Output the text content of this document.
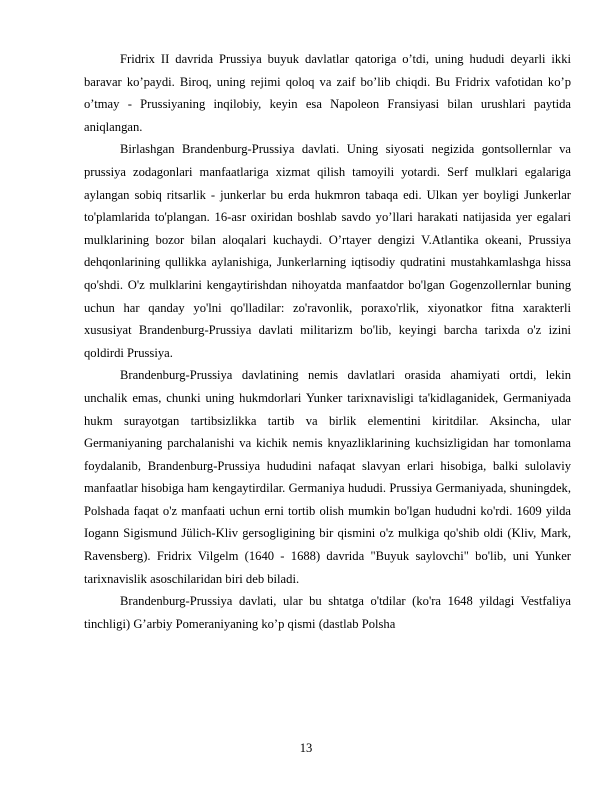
Fridrix II davrida Prussiya buyuk davlatlar qatoriga o’tdi, uning hududi deyarli ikki baravar ko’paydi. Biroq, uning rejimi qoloq va zaif bo’lib chiqdi. Bu Fridrix vafotidan ko’p o’tmay - Prussiyaning inqilobiy, keyin esa Napoleon Fransiyasi bilan urushlari paytida aniqlangan.

Birlashgan Brandenburg-Prussiya davlati. Uning siyosati negizida gontsollernlar va prussiya zodagonlari manfaatlariga xizmat qilish tamoyili yotardi. Serf mulklari egalariga aylangan sobiq ritsarlik - junkerlar bu erda hukmron tabaqa edi. Ulkan yer boyligi Junkerlar to'plamlarida to'plangan. 16-asr oxiridan boshlab savdo yo’llari harakati natijasida yer egalari mulklarining bozor bilan aloqalari kuchaydi. O’rtayer dengizi V.Atlantika okeani, Prussiya dehqonlarining qullikka aylanishiga, Junkerlarning iqtisodiy qudratini mustahkamlashga hissa qo'shdi. O'z mulklarini kengaytirishdan nihoyatda manfaatdor bo'lgan Gogenzollernlar buning uchun har qanday yo'lni qo'lladilar: zo'ravonlik, poraxo'rlik, xiyonatkor fitna xarakterli xususiyat Brandenburg-Prussiya davlati militarizm bo'lib, keyingi barcha tarixda o'z izini qoldirdi Prussiya.

Brandenburg-Prussiya davlatining nemis davlatlari orasida ahamiyati ortdi, lekin unchalik emas, chunki uning hukmdorlari Yunker tarixnavisligi ta'kidlaganidek, Germaniyada hukm surayotgan tartibsizlikka tartib va birlik elementini kiritdilar. Aksincha, ular Germaniyaning parchalanishi va kichik nemis knyazliklarining kuchsizligidan har tomonlama foydalanib, Brandenburg-Prussiya hududini nafaqat slavyan erlari hisobiga, balki sulolaviy manfaatlar hisobiga ham kengaytirdilar. Germaniya hududi. Prussiya Germaniyada, shuningdek, Polshada faqat o'z manfaati uchun erni tortib olish mumkin bo'lgan hududni ko'rdi. 1609 yilda Iogann Sigismund Jülich-Kliv gersogligining bir qismini o'z mulkiga qo'shib oldi (Kliv, Mark, Ravensberg). Fridrix Vilgelm (1640 - 1688) davrida "Buyuk saylovchi" bo'lib, uni Yunker tarixnavislik asoschilaridan biri deb biladi.

Brandenburg-Prussiya davlati, ular bu shtatga o'tdilar (ko'ra 1648 yildagi Vestfaliya tinchligi) G’arbiy Pomeraniyaning ko’p qismi (dastlab Polsha

13
